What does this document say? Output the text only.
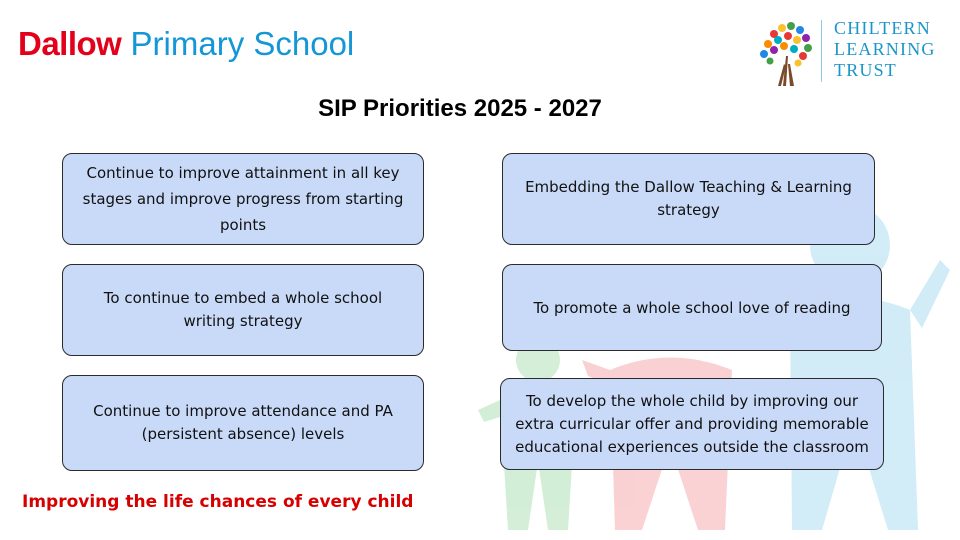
Dallow Primary School	CHILTERN
LEARNING
TRUST
SIP Priorities 2025 - 2027
Continue to improve attainment in all key stages and improve progress from starting points
Embedding the Dallow Teaching & Learning strategy
To continue to embed a whole school writing strategy
To promote a whole school love of reading
Continue to improve attendance and PA (persistent absence) levels
To develop the whole child by improving our extra curricular offer and providing memorable educational experiences outside the classroom
Improving the life chances of every child
